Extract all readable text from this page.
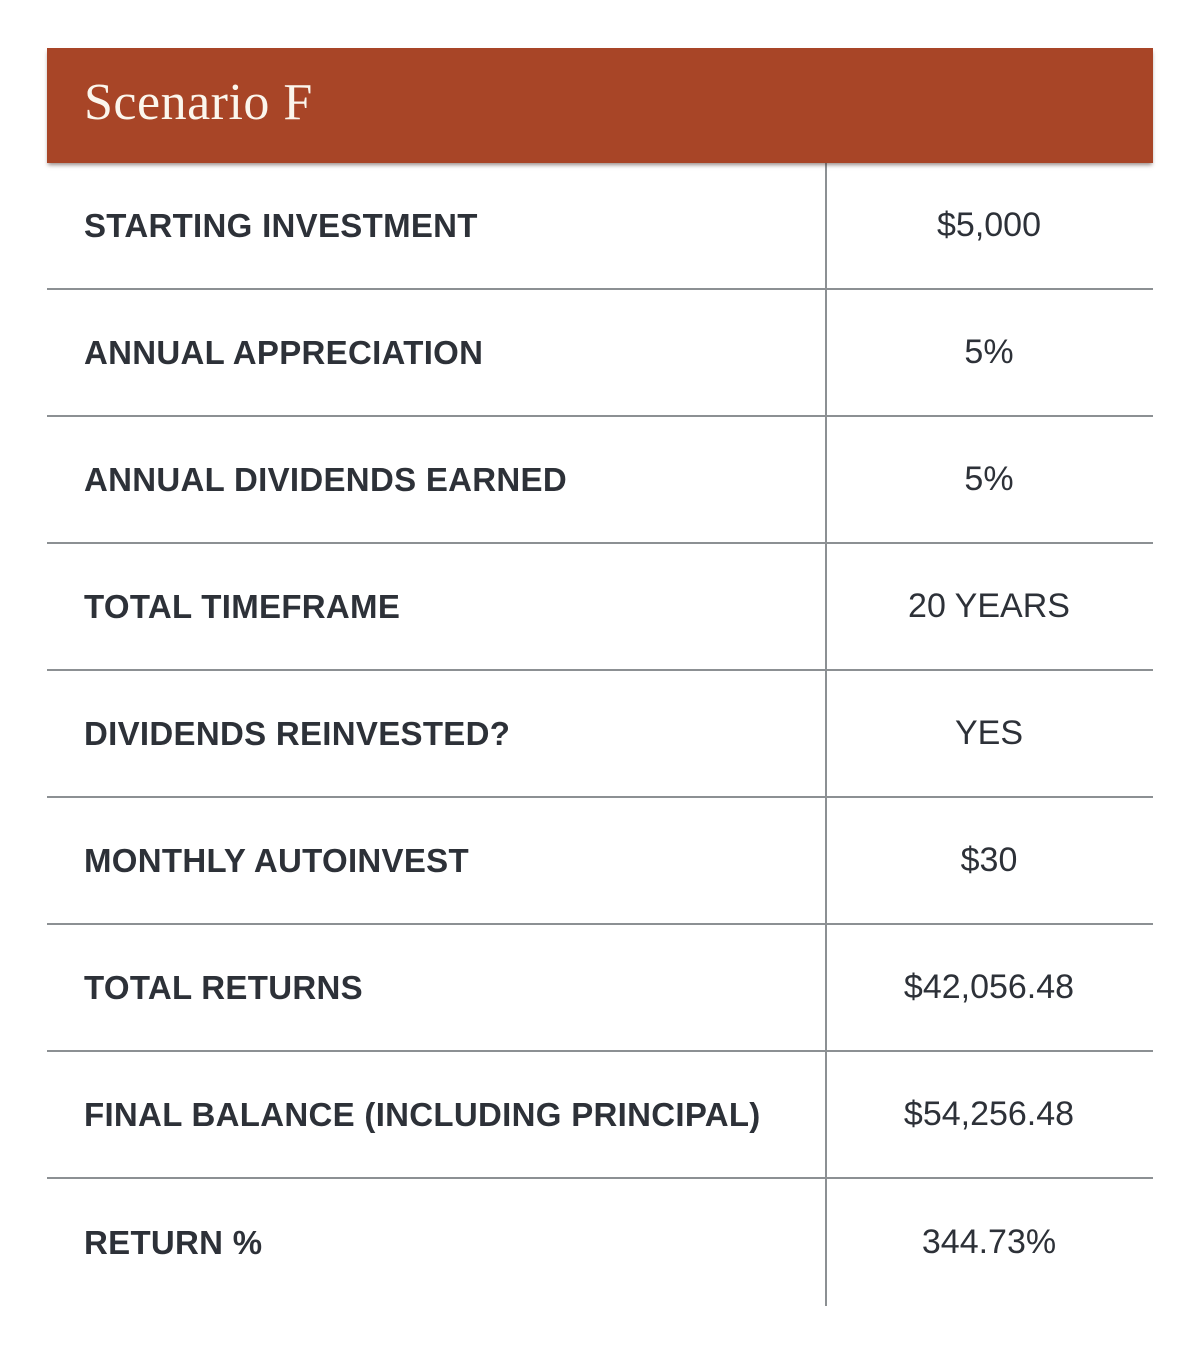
Scenario F
STARTING INVESTMENT	$5,000
ANNUAL APPRECIATION	5%
ANNUAL DIVIDENDS EARNED	5%
TOTAL TIMEFRAME	20 YEARS
DIVIDENDS REINVESTED?	YES
MONTHLY AUTOINVEST	$30
TOTAL RETURNS	$42,056.48
FINAL BALANCE (INCLUDING PRINCIPAL)	$54,256.48
RETURN %	344.73%
